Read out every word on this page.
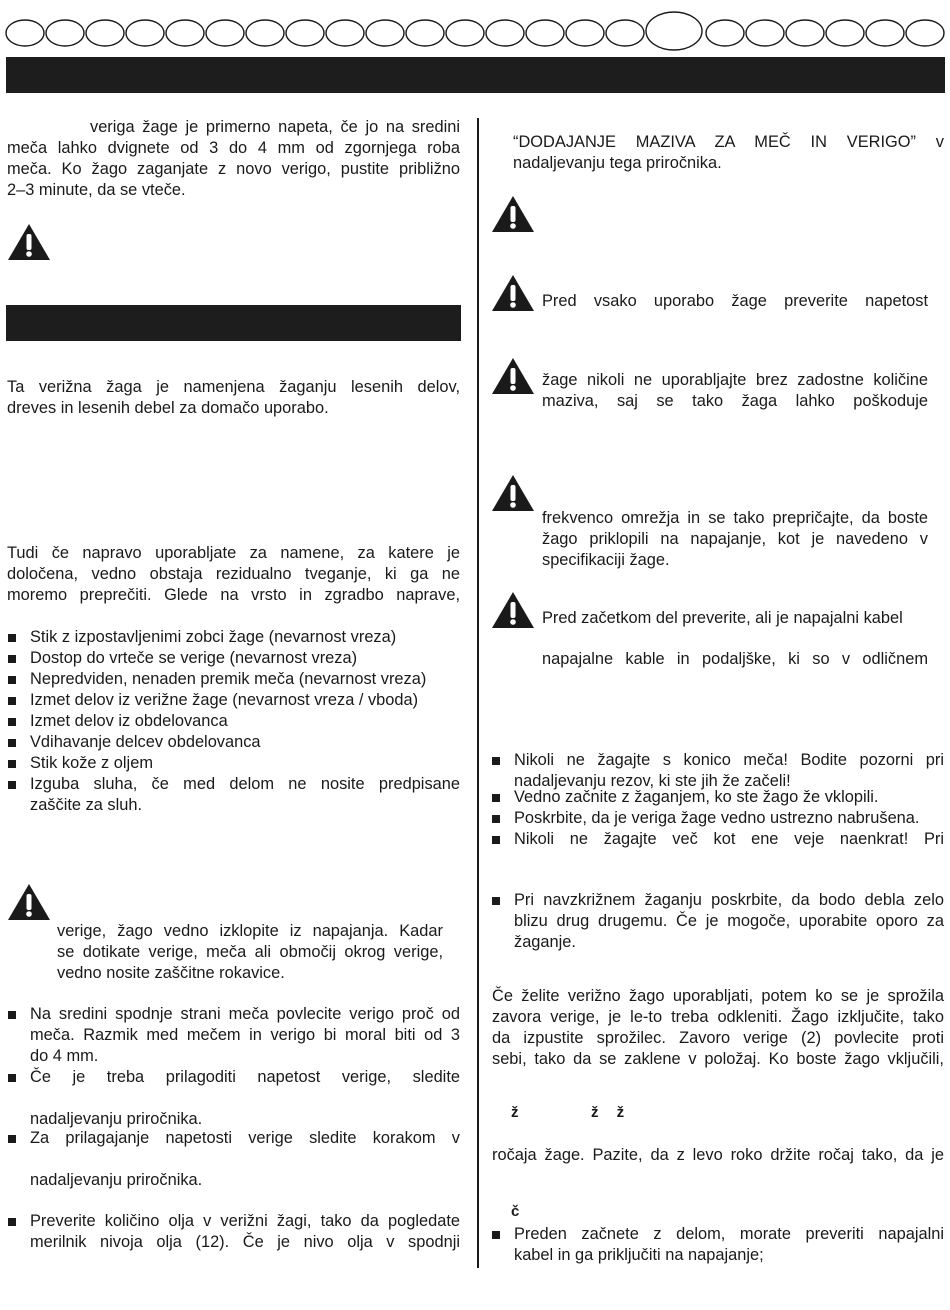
veriga žage je primerno napeta, če jo na sredini

meča lahko dvignete od 3 do 4 mm od zgornjega roba

meča. Ko žago zaganjate z novo verigo, pustite približno

2–3 minute, da se vteče.

Ta verižna žaga je namenjena žaganju lesenih delov,

dreves in lesenih debel za domačo uporabo.

Tudi če napravo uporabljate za namene, za katere je

določena, vedno obstaja rezidualno tveganje, ki ga ne

moremo preprečiti. Glede na vrsto in zgradbo naprave,

Stik z izpostavljenimi zobci žage (nevarnost vreza)
Dostop do vrteče se verige (nevarnost vreza)
Nepredviden, nenaden premik meča (nevarnost vreza)
Izmet delov iz verižne žage (nevarnost vreza / vboda)
Izmet delov iz obdelovanca
Vdihavanje delcev obdelovanca
Stik kože z oljem
Izguba sluha, če med delom ne nosite predpisane
zaščite za sluh.

verige, žago vedno izklopite iz napajanja. Kadar

se dotikate verige, meča ali območij okrog verige,

vedno nosite zaščitne rokavice.

Na sredini spodnje strani meča povlecite verigo proč od
meča. Razmik med mečem in verigo bi moral biti od 3
do 4 mm.
Če je treba prilagoditi napetost verige, sledite
nadaljevanju priročnika.
Za prilagajanje napetosti verige sledite korakom v
nadaljevanju priročnika.
Preverite količino olja v verižni žagi, tako da pogledate
merilnik nivoja olja (12). Če je nivo olja v spodnji

“DODAJANJE MAZIVA ZA MEČ IN VERIGO” v

nadaljevanju tega priročnika.

Pred vsako uporabo žage preverite napetost

žage nikoli ne uporabljajte brez zadostne količine

maziva, saj se tako žaga lahko poškoduje

frekvenco omrežja in se tako prepričajte, da boste

žago priklopili na napajanje, kot je navedeno v

specifikaciji žage.

Pred začetkom del preverite, ali je napajalni kabel

napajalne kable in podaljške, ki so v odličnem

Nikoli ne žagajte s konico meča! Bodite pozorni pri
nadaljevanju rezov, ki ste jih že začeli!
Vedno začnite z žaganjem, ko ste žago že vklopili.
Poskrbite, da je veriga žage vedno ustrezno nabrušena.
Nikoli ne žagajte več kot ene veje naenkrat! Pri
Pri navzkrižnem žaganju poskrbite, da bodo debla zelo
blizu drug drugemu. Če je mogoče, uporabite oporo za
žaganje.

Če želite verižno žago uporabljati, potem ko se je sprožila

zavora verige, je le-to treba odkleniti. Žago izključite, tako

da izpustite sprožilec. Zavoro verige (2) povlecite proti

sebi, tako da se zaklene v položaj. Ko boste žago vključili,

ž	ž ž

ročaja žage. Pazite, da z levo roko držite ročaj tako, da je

č
Preden začnete z delom, morate preveriti napajalni
kabel in ga priključiti na napajanje;
